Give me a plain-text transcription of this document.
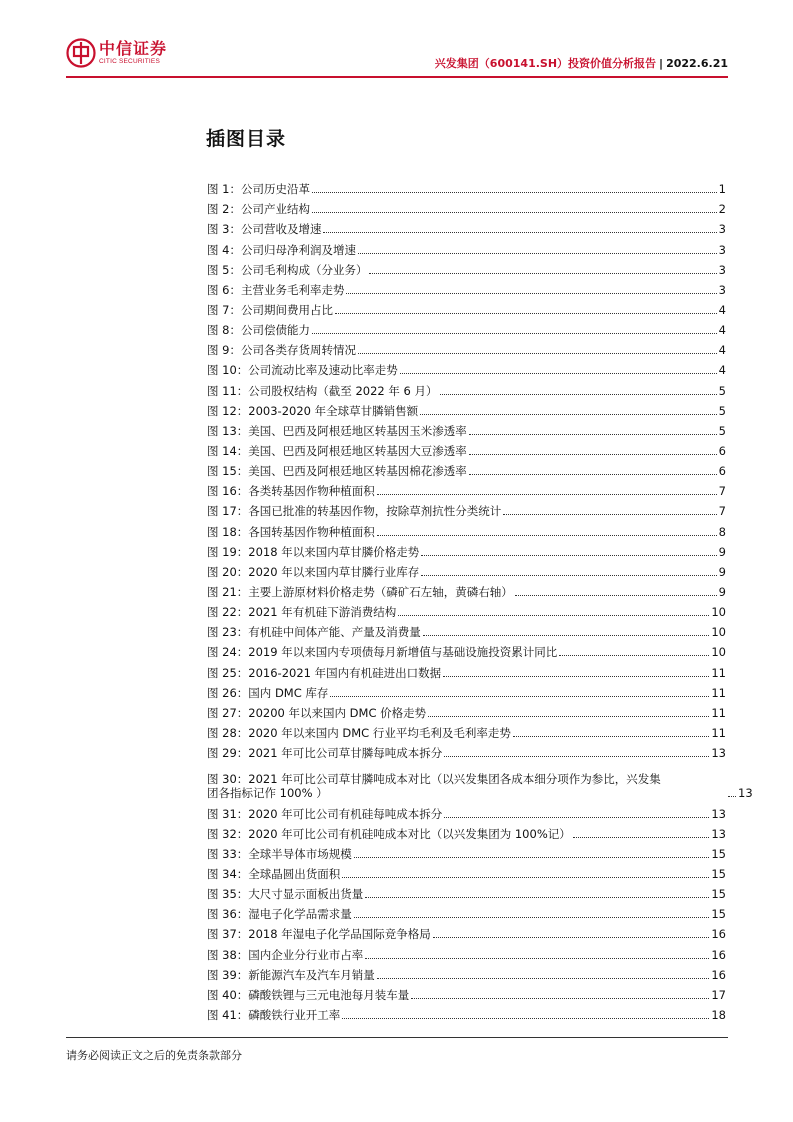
中信证券
CITIC SECURITIES	兴发集团（600141.SH）投资价值分析报告 | 2022.6.21
插图目录
图 1：公司历史沿革	1
图 2：公司产业结构	2
图 3：公司营收及增速	3
图 4：公司归母净利润及增速	3
图 5：公司毛利构成（分业务）	3
图 6：主营业务毛利率走势	3
图 7：公司期间费用占比	4
图 8：公司偿债能力	4
图 9：公司各类存货周转情况	4
图 10：公司流动比率及速动比率走势	4
图 11：公司股权结构（截至 2022 年 6 月）	5
图 12：2003-2020 年全球草甘膦销售额	5
图 13：美国、巴西及阿根廷地区转基因玉米渗透率	5
图 14：美国、巴西及阿根廷地区转基因大豆渗透率	6
图 15：美国、巴西及阿根廷地区转基因棉花渗透率	6
图 16：各类转基因作物种植面积	7
图 17：各国已批准的转基因作物，按除草剂抗性分类统计	7
图 18：各国转基因作物种植面积	8
图 19：2018 年以来国内草甘膦价格走势	9
图 20：2020 年以来国内草甘膦行业库存	9
图 21：主要上游原材料价格走势（磷矿石左轴，黄磷右轴）	9
图 22：2021 年有机硅下游消费结构	10
图 23：有机硅中间体产能、产量及消费量	10
图 24：2019 年以来国内专项债每月新增值与基础设施投资累计同比	10
图 25：2016-2021 年国内有机硅进出口数据	11
图 26：国内 DMC 库存	11
图 27：20200 年以来国内 DMC 价格走势	11
图 28：2020 年以来国内 DMC 行业平均毛利及毛利率走势	11
图 29：2021 年可比公司草甘膦每吨成本拆分	13
图 30：2021 年可比公司草甘膦吨成本对比（以兴发集团各成本细分项作为参比，兴发集
团各指标记作 100% ）	13
图 31：2020 年可比公司有机硅每吨成本拆分	13
图 32：2020 年可比公司有机硅吨成本对比（以兴发集团为 100%记）	13
图 33：全球半导体市场规模	15
图 34：全球晶圆出货面积	15
图 35：大尺寸显示面板出货量	15
图 36：湿电子化学品需求量	15
图 37：2018 年湿电子化学品国际竞争格局	16
图 38：国内企业分行业市占率	16
图 39：新能源汽车及汽车月销量	16
图 40：磷酸铁锂与三元电池每月装车量	17
图 41：磷酸铁行业开工率	18
请务必阅读正文之后的免责条款部分
